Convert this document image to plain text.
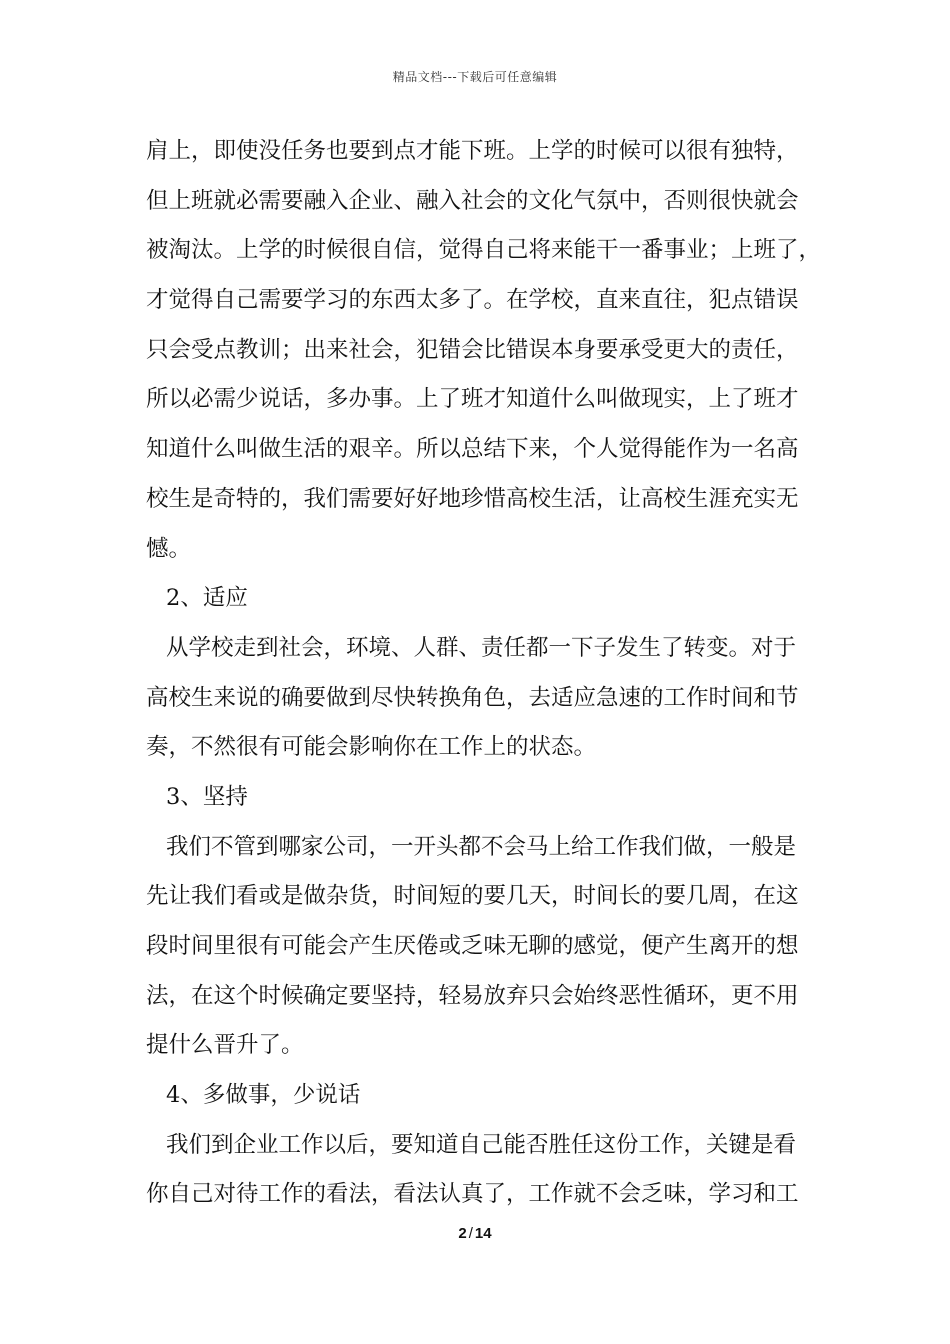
精品文档---下载后可任意编辑
肩上，即使没任务也要到点才能下班。上学的时候可以很有独特，
但上班就必需要融入企业、融入社会的文化气氛中，否则很快就会
被淘汰。上学的时候很自信，觉得自己将来能干一番事业；上班了，
才觉得自己需要学习的东西太多了。在学校，直来直往，犯点错误
只会受点教训；出来社会，犯错会比错误本身要承受更大的责任，
所以必需少说话，多办事。上了班才知道什么叫做现实，上了班才
知道什么叫做生活的艰辛。所以总结下来，个人觉得能作为一名高
校生是奇特的，我们需要好好地珍惜高校生活，让高校生涯充实无
憾。
2、适应
从学校走到社会，环境、人群、责任都一下子发生了转变。对于
高校生来说的确要做到尽快转换角色，去适应急速的工作时间和节
奏，不然很有可能会影响你在工作上的状态。
3、坚持
我们不管到哪家公司，一开头都不会马上给工作我们做，一般是
先让我们看或是做杂货，时间短的要几天，时间长的要几周，在这
段时间里很有可能会产生厌倦或乏味无聊的感觉，便产生离开的想
法，在这个时候确定要坚持，轻易放弃只会始终恶性循环，更不用
提什么晋升了。
4、多做事，少说话
我们到企业工作以后，要知道自己能否胜任这份工作，关键是看
你自己对待工作的看法，看法认真了，工作就不会乏味，学习和工
2 / 14
